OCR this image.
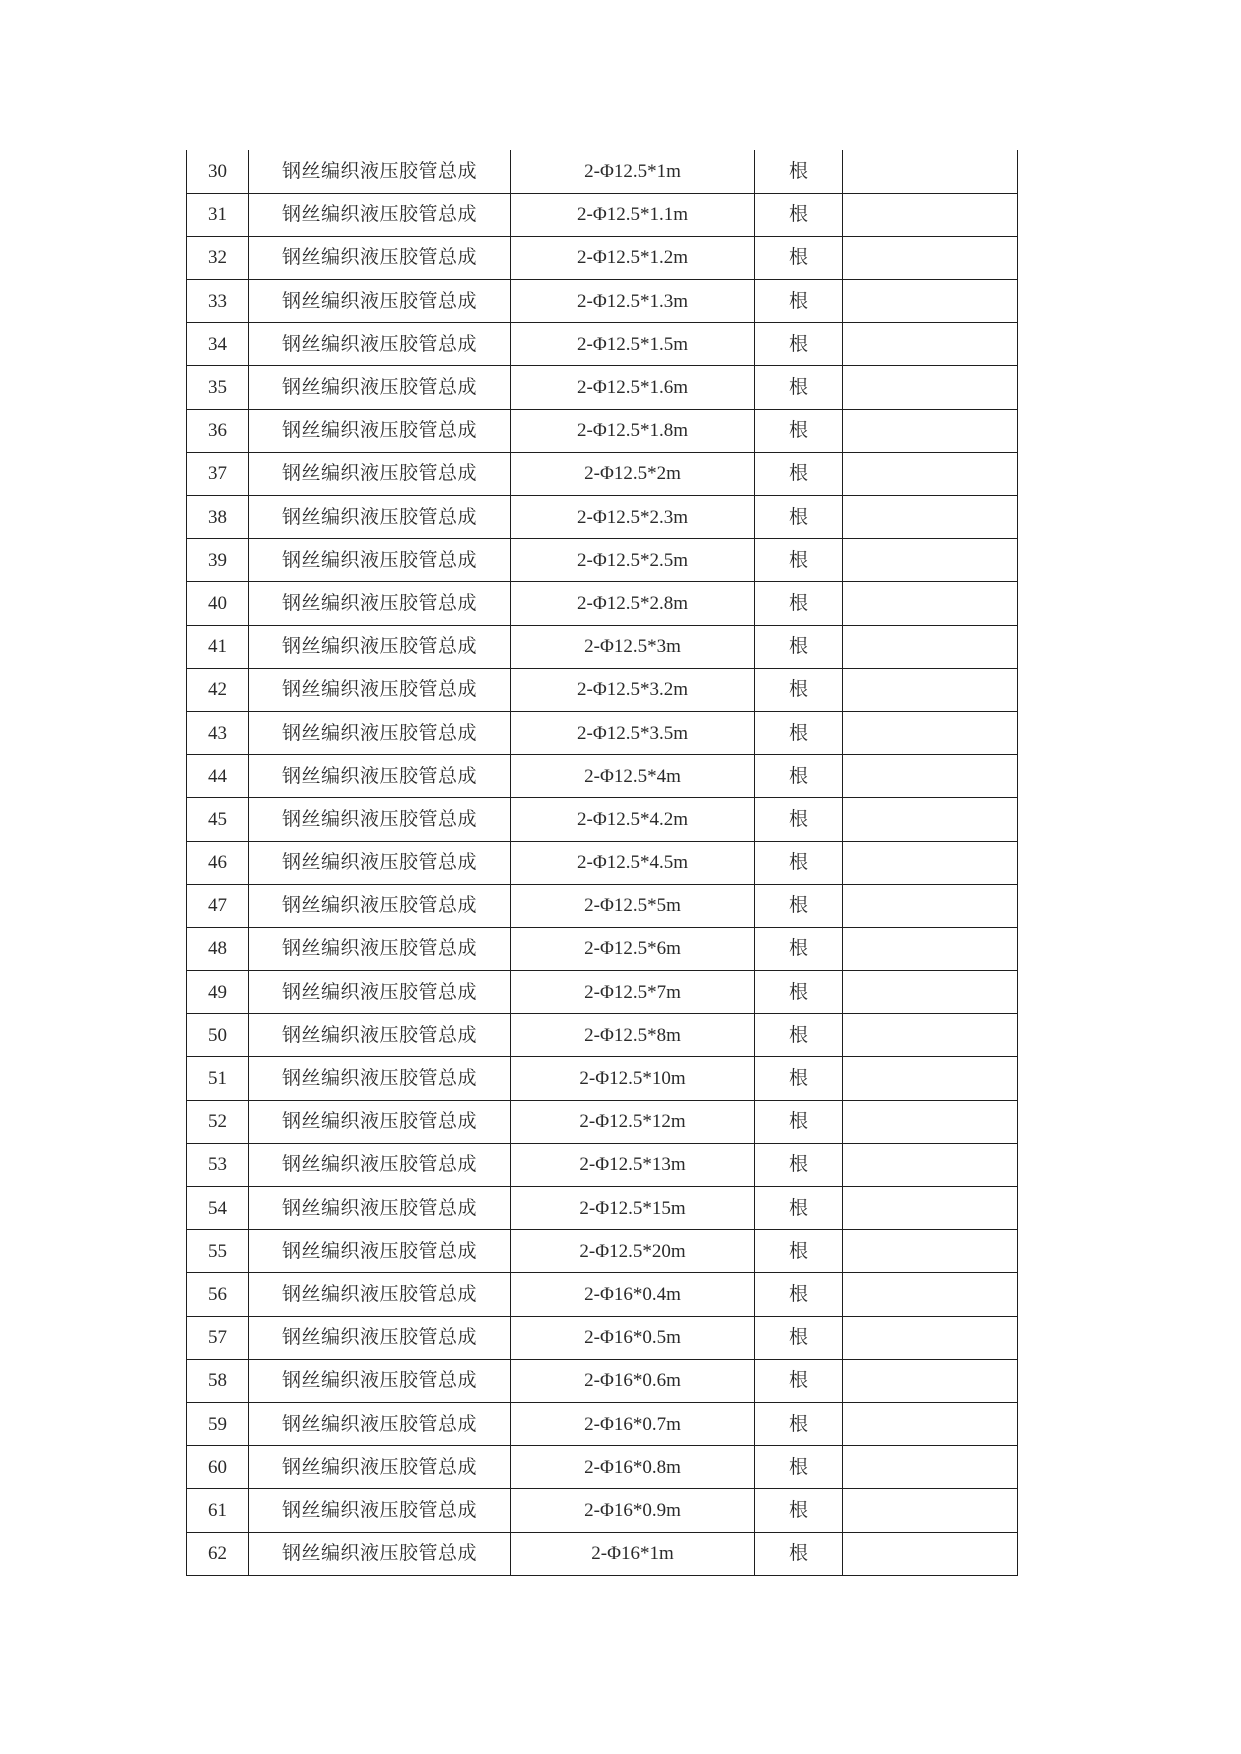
30	钢丝编织液压胶管总成	2-Φ12.5*1m	根	
31	钢丝编织液压胶管总成	2-Φ12.5*1.1m	根	
32	钢丝编织液压胶管总成	2-Φ12.5*1.2m	根	
33	钢丝编织液压胶管总成	2-Φ12.5*1.3m	根	
34	钢丝编织液压胶管总成	2-Φ12.5*1.5m	根	
35	钢丝编织液压胶管总成	2-Φ12.5*1.6m	根	
36	钢丝编织液压胶管总成	2-Φ12.5*1.8m	根	
37	钢丝编织液压胶管总成	2-Φ12.5*2m	根	
38	钢丝编织液压胶管总成	2-Φ12.5*2.3m	根	
39	钢丝编织液压胶管总成	2-Φ12.5*2.5m	根	
40	钢丝编织液压胶管总成	2-Φ12.5*2.8m	根	
41	钢丝编织液压胶管总成	2-Φ12.5*3m	根	
42	钢丝编织液压胶管总成	2-Φ12.5*3.2m	根	
43	钢丝编织液压胶管总成	2-Φ12.5*3.5m	根	
44	钢丝编织液压胶管总成	2-Φ12.5*4m	根	
45	钢丝编织液压胶管总成	2-Φ12.5*4.2m	根	
46	钢丝编织液压胶管总成	2-Φ12.5*4.5m	根	
47	钢丝编织液压胶管总成	2-Φ12.5*5m	根	
48	钢丝编织液压胶管总成	2-Φ12.5*6m	根	
49	钢丝编织液压胶管总成	2-Φ12.5*7m	根	
50	钢丝编织液压胶管总成	2-Φ12.5*8m	根	
51	钢丝编织液压胶管总成	2-Φ12.5*10m	根	
52	钢丝编织液压胶管总成	2-Φ12.5*12m	根	
53	钢丝编织液压胶管总成	2-Φ12.5*13m	根	
54	钢丝编织液压胶管总成	2-Φ12.5*15m	根	
55	钢丝编织液压胶管总成	2-Φ12.5*20m	根	
56	钢丝编织液压胶管总成	2-Φ16*0.4m	根	
57	钢丝编织液压胶管总成	2-Φ16*0.5m	根	
58	钢丝编织液压胶管总成	2-Φ16*0.6m	根	
59	钢丝编织液压胶管总成	2-Φ16*0.7m	根	
60	钢丝编织液压胶管总成	2-Φ16*0.8m	根	
61	钢丝编织液压胶管总成	2-Φ16*0.9m	根	
62	钢丝编织液压胶管总成	2-Φ16*1m	根	
